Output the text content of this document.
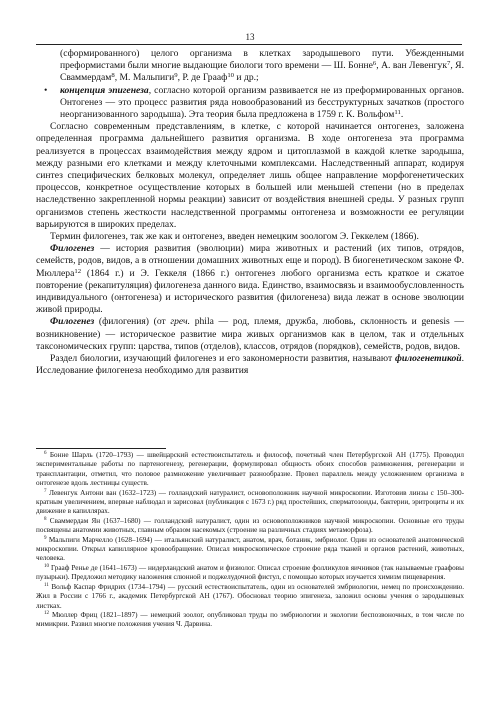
13

(сформированного) целого организма в клетках зародышевого пути. Убежденными преформистами были многие выдающие биологи того времени — Ш. Бонне$^6$, А. ван Левенгук$^7$, Я. Сваммердам$^8$, М. Мальпиги$^9$, Р. де Грааф$^{10}$ и др.;

• концепция эпигенеза, согласно которой организм развивается не из преформированных органов. Онтогенез — это процесс развития ряда новообразований из бесструктурных зачатков (простого неорганизованного зародыша). Эта теория была предложена в 1759 г. К. Вольфом$^{11}$.

Согласно современным представлениям, в клетке, с которой начинается онтогенез, заложена определенная программа дальнейшего развития организма. В ходе онтогенеза эта программа реализуется в процессах взаимодействия между ядром и цитоплазмой в каждой клетке зародыша, между разными его клетками и между клеточными комплексами. Наследственный аппарат, кодируя синтез специфических белковых молекул, определяет лишь общее направление морфогенетических процессов, конкретное осуществление которых в большей или меньшей степени (но в пределах наследственно закрепленной нормы реакции) зависит от воздействия внешней среды. У разных групп организмов степень жесткости наследственной программы онтогенеза и возможности ее регуляции варьируются в широких пределах.

Термин филогенез, так же как и онтогенез, введен немецким зоологом Э. Геккелем (1866).

Филогенез — история развития (эволюции) мира животных и растений (их типов, отрядов, семейств, родов, видов, а в отношении домашних животных еще и пород). В биогенетическом законе Ф. Мюллера$^{12}$ (1864 г.) и Э. Геккеля (1866 г.) онтогенез любого организма есть краткое и сжатое повторение (рекапитуляция) филогенеза данного вида. Единство, взаимосвязь и взаимообусловленность индивидуального (онтогенеза) и исторического развития (филогенеза) вида лежат в основе эволюции живой природы.

Филогенез (филогения) (от греч. phila — род, племя, дружба, любовь, склонность и genesis — возникновение) — историческое развитие мира живых организмов как в целом, так и отдельных таксономических групп: царства, типов (отделов), классов, отрядов (порядков), семейств, родов, видов.

Раздел биологии, изучающий филогенез и его закономерности развития, называют филогенетикой. Исследование филогенеза необходимо для развития

$^6$ Бонне Шарль (1720–1793) — швейцарский естествоиспытатель и философ, почетный член Петербургской АН (1775). Проводил экспериментальные работы по партеногенезу, регенерации, формулировал общность обоих способов размножения, регенерации и трансплантации, отметил, что половое размножение увеличивает разнообразие. Провел параллель между усложнением организма в онтогенезе вдоль лестницы существ.

$^7$ Левенгук Антони ван (1632–1723) — голландский натуралист, основоположник научной микроскопии. Изготовив линзы с 150–300-кратным увеличением, впервые наблюдал и зарисовал (публикация с 1673 г.) ряд простейших, сперматозоиды, бактерии, эритроциты и их движение в капиллярах.

$^8$ Сваммердам Ян (1637–1680) — голландский натуралист, один из основоположников научной микроскопии. Основные его труды посвящены анатомии животных, главным образом насекомых (строение на различных стадиях метаморфоза).

$^9$ Мальпиги Марчелло (1628–1694) — итальянский натуралист, анатом, врач, ботаник, эмбриолог. Один из основателей анатомической микроскопии. Открыл капиллярное кровообращение. Описал микроскопическое строение ряда тканей и органов растений, животных, человека.

$^{10}$ Грааф Ренье де (1641–1673) — нидерландский анатом и физиолог. Описал строение фолликулов яичников (так называемые граафовы пузырьки). Предложил методику наложения слюнной и поджелудочной фистул, с помощью которых изучается химизм пищеварения.

$^{11}$ Вольф Каспар Фридрих (1734–1794) — русский естествоиспытатель, один из основателей эмбриологии, немец по происхождению. Жил в России с 1766 г., академик Петербургской АН (1767). Обосновал теорию эпигенеза, заложил основы учения о зародышевых листках.

$^{12}$ Мюллер Фриц (1821–1897) — немецкий зоолог, опубликовал труды по эмбриологии и экологии беспозвоночных, в том числе по мимикрии. Развил многие положения учения Ч. Дарвина.
